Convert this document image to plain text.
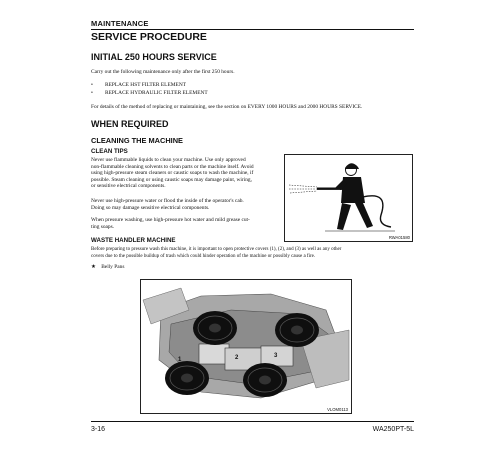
MAINTENANCE
SERVICE PROCEDURE
INITIAL 250 HOURS SERVICE
Carry out the following maintenance only after the first 250 hours.
• REPLACE HST FILTER ELEMENT
• REPLACE HYDRAULIC FILTER ELEMENT
For details of the method of replacing or maintaining, see the section on EVERY 1000 HOURS and 2000 HOURS SERVICE.
WHEN REQUIRED
CLEANING THE MACHINE
CLEAN TIPS
Never use flammable liquids to clean your machine. Use only approved
non-flammable cleaning solvents to clean parts or the machine itself. Avoid
using high-pressure steam cleaners or caustic soaps to wash the machine, if
possible. Steam cleaning or using caustic soaps may damage paint, wiring,
or sensitive electrical components.
Never use high-pressure water or flood the inside of the operator's cab.
Doing so may damage sensitive electrical components.
When pressure washing, use high-pressure hot water and mild grease cut-
ting soaps.
RWA01580
WASTE HANDLER MACHINE
Before preparing to pressure wash this machine, it is important to open protective covers (1), (2), and (3) as well as any other
covers due to the possible buildup of trash which could hinder operation of the machine or possibly cause a fire.
★ Belly Pans
1	2	3
VLOM0113
3-16	WA250PT-5L
